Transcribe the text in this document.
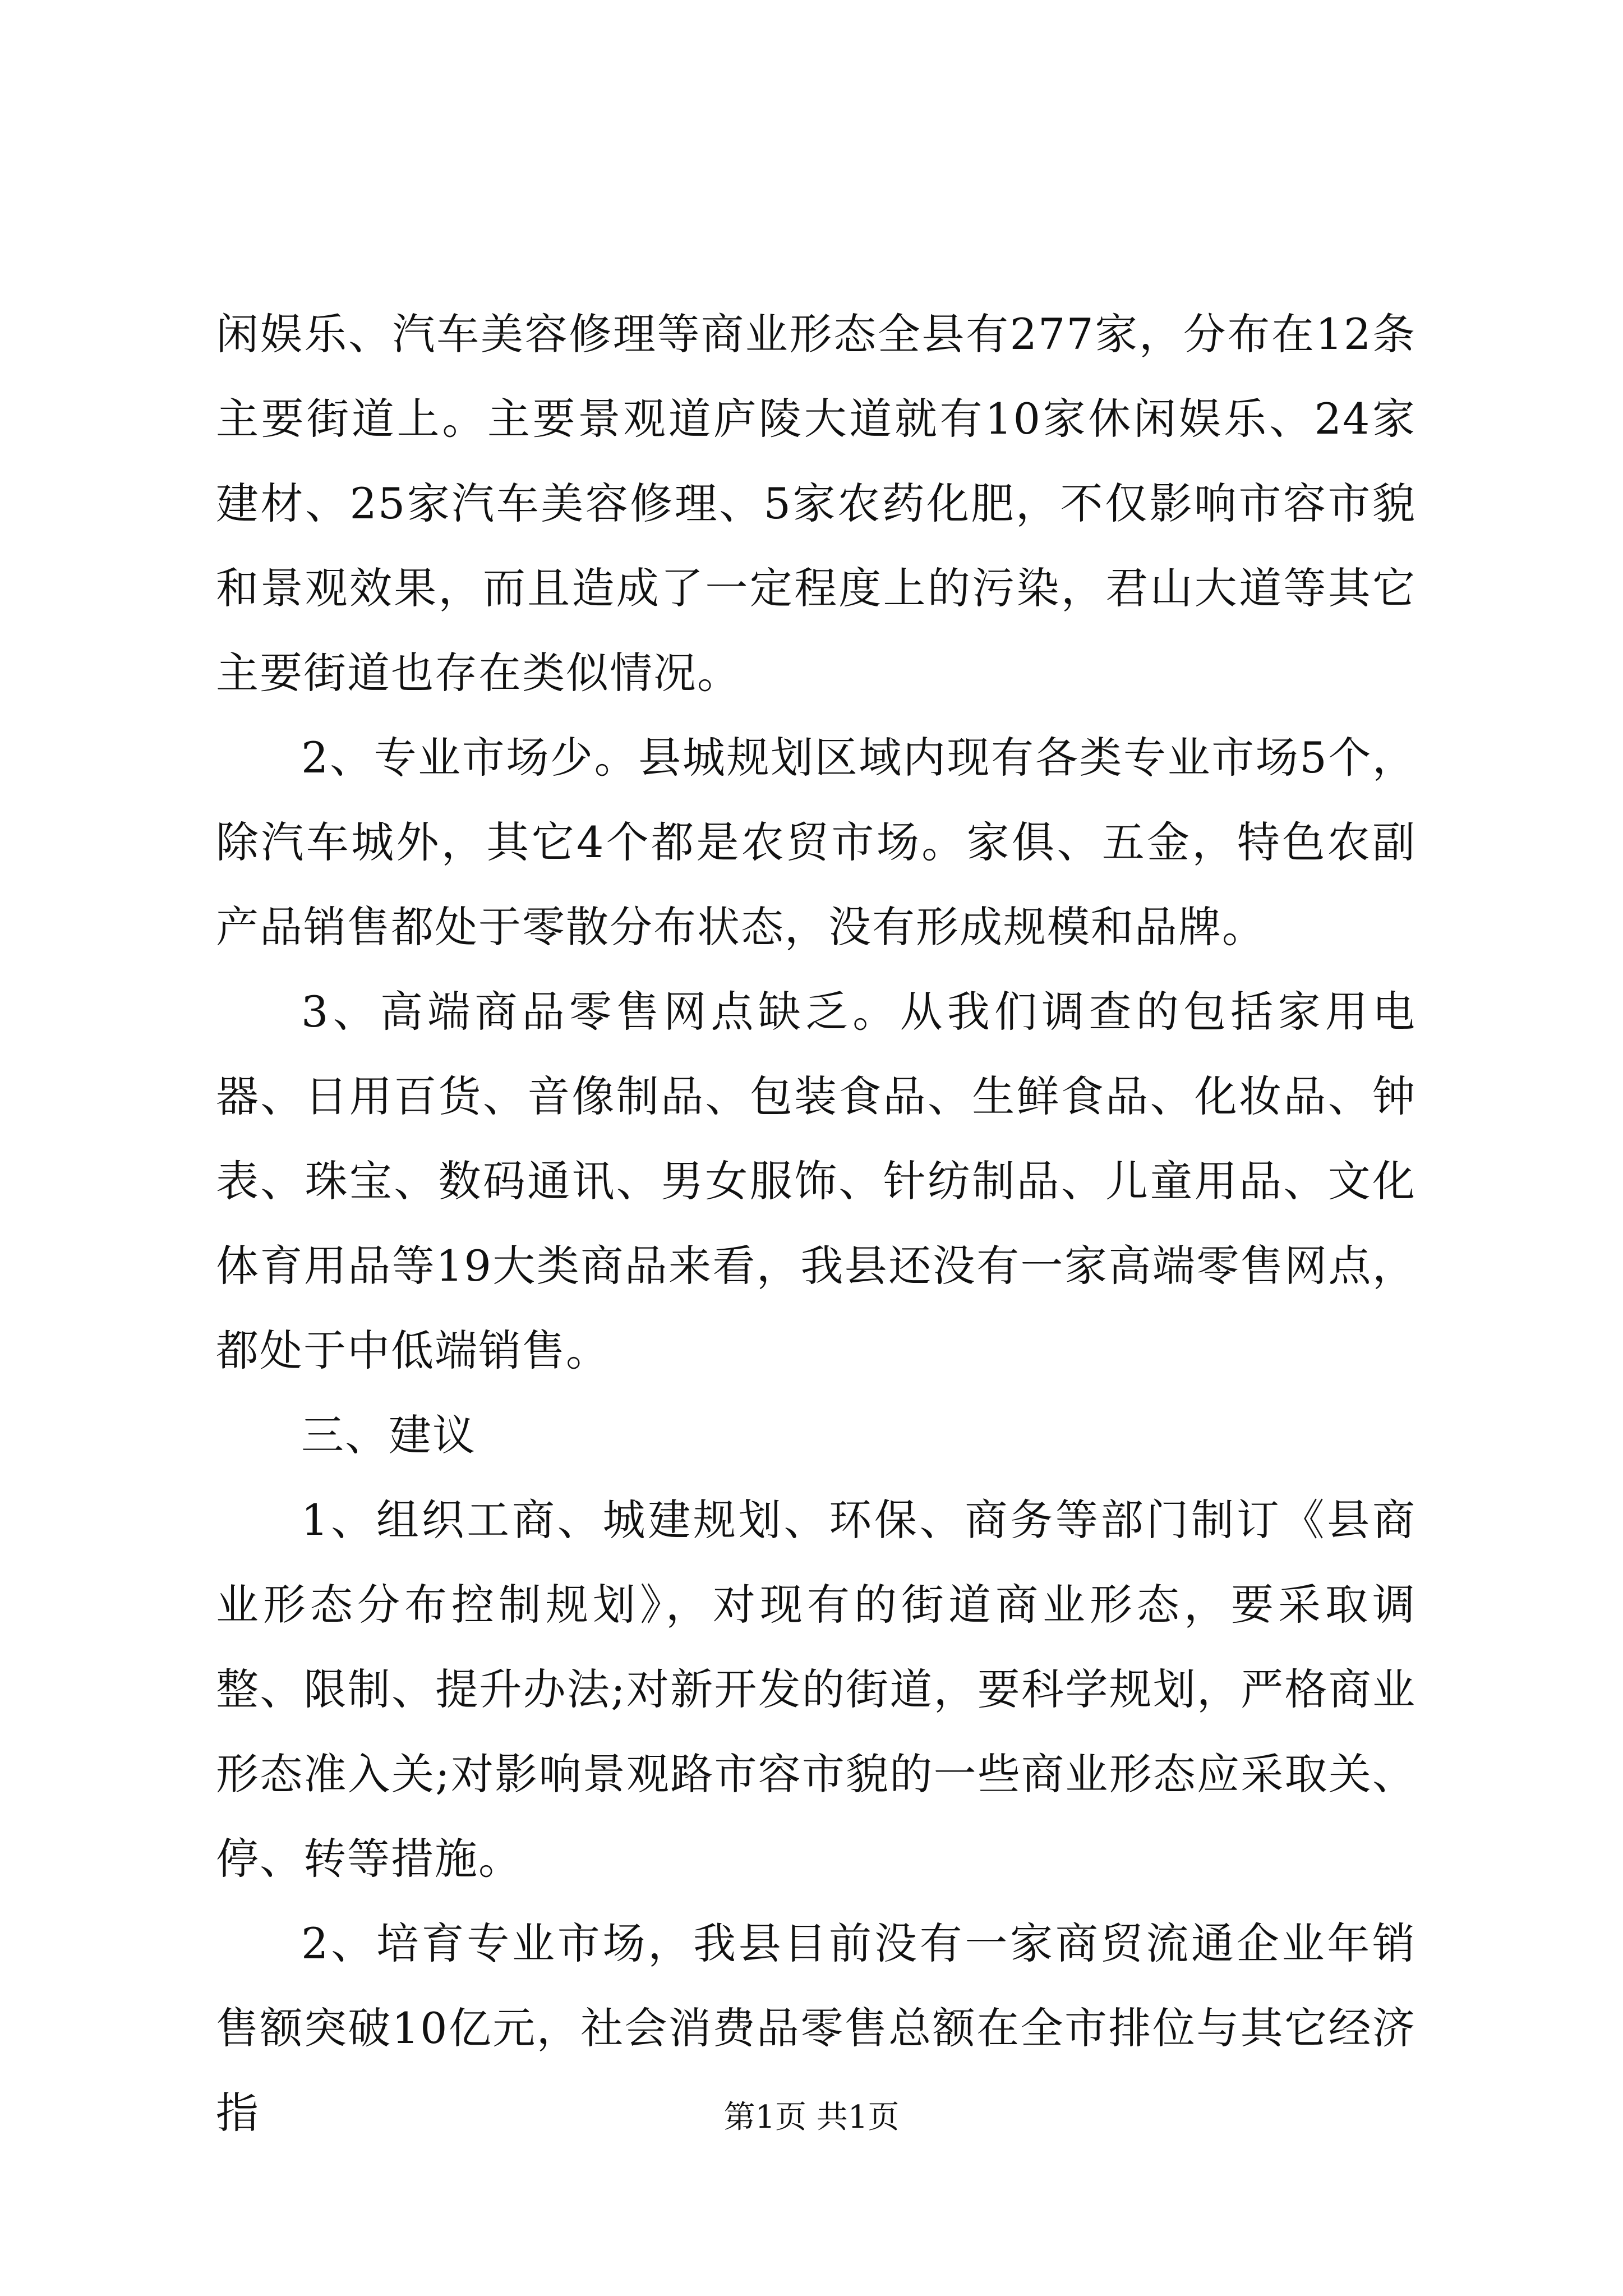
闲娱乐、汽车美容修理等商业形态全县有277家，分布在12条主要街道上。主要景观道庐陵大道就有10家休闲娱乐、24家建材、25家汽车美容修理、5家农药化肥，不仅影响市容市貌和景观效果，而且造成了一定程度上的污染，君山大道等其它主要街道也存在类似情况。

2、专业市场少。县城规划区域内现有各类专业市场5个，除汽车城外，其它4个都是农贸市场。家俱、五金，特色农副产品销售都处于零散分布状态，没有形成规模和品牌。

3、高端商品零售网点缺乏。从我们调查的包括家用电器、日用百货、音像制品、包装食品、生鲜食品、化妆品、钟表、珠宝、数码通讯、男女服饰、针纺制品、儿童用品、文化体育用品等19大类商品来看，我县还没有一家高端零售网点，都处于中低端销售。

三、建议

1、组织工商、城建规划、环保、商务等部门制订《县商业形态分布控制规划》，对现有的街道商业形态，要采取调整、限制、提升办法;对新开发的街道，要科学规划，严格商业形态准入关;对影响景观路市容市貌的一些商业形态应采取关、停、转等措施。

2、培育专业市场，我县目前没有一家商贸流通企业年销售额突破10亿元，社会消费品零售总额在全市排位与其它经济指	第1页 共1页
